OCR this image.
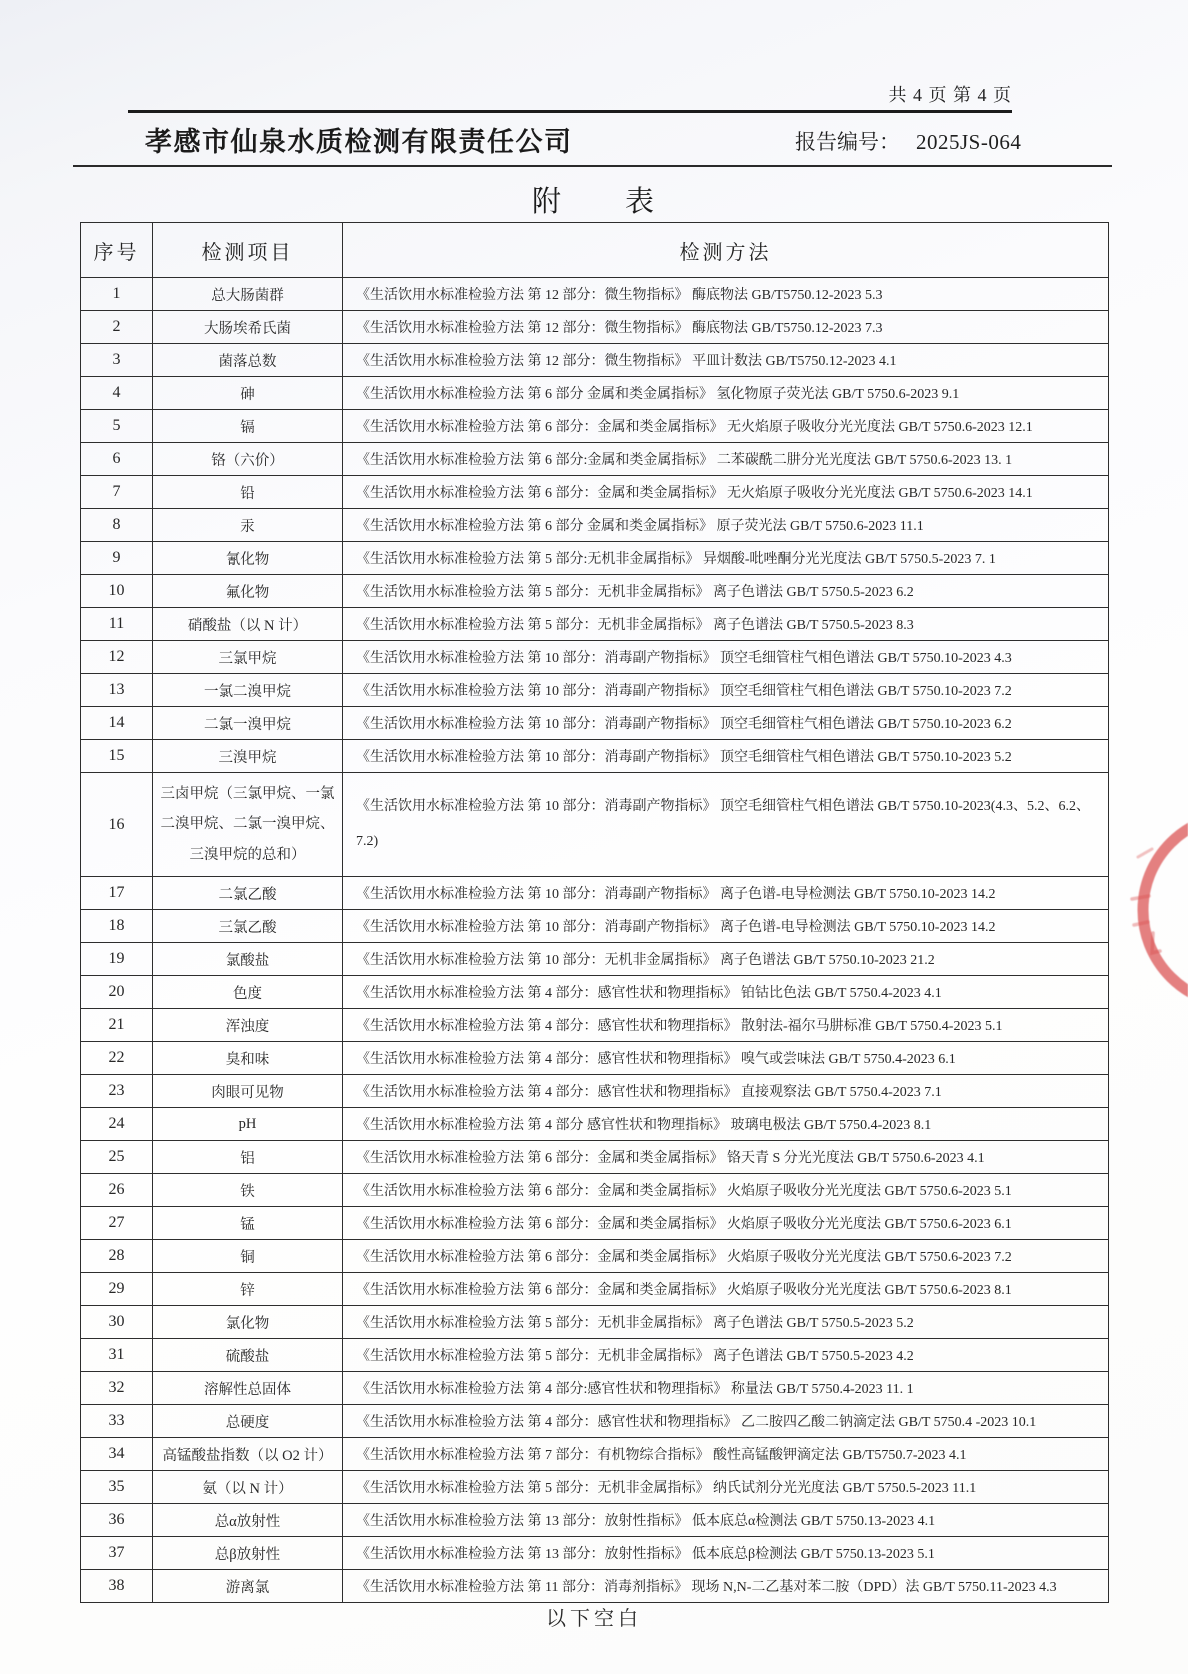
共 4 页 第 4 页
孝感市仙泉水质检测有限责任公司	报告编号： 2025JS-064
附　　表
序号	检测项目	检测方法
1	总大肠菌群	《生活饮用水标准检验方法 第 12 部分：微生物指标》 酶底物法 GB/T5750.12-2023 5.3
2	大肠埃希氏菌	《生活饮用水标准检验方法 第 12 部分：微生物指标》 酶底物法 GB/T5750.12-2023 7.3
3	菌落总数	《生活饮用水标准检验方法 第 12 部分：微生物指标》 平皿计数法 GB/T5750.12-2023 4.1
4	砷	《生活饮用水标准检验方法 第 6 部分 金属和类金属指标》 氢化物原子荧光法 GB/T 5750.6-2023 9.1
5	镉	《生活饮用水标准检验方法 第 6 部分：金属和类金属指标》 无火焰原子吸收分光光度法 GB/T 5750.6-2023 12.1
6	铬（六价）	《生活饮用水标准检验方法 第 6 部分:金属和类金属指标》 二苯碳酰二肼分光光度法 GB/T 5750.6-2023 13. 1
7	铅	《生活饮用水标准检验方法 第 6 部分：金属和类金属指标》 无火焰原子吸收分光光度法 GB/T 5750.6-2023 14.1
8	汞	《生活饮用水标准检验方法 第 6 部分 金属和类金属指标》 原子荧光法 GB/T 5750.6-2023 11.1
9	氰化物	《生活饮用水标准检验方法 第 5 部分:无机非金属指标》 异烟酸-吡唑酮分光光度法 GB/T 5750.5-2023 7. 1
10	氟化物	《生活饮用水标准检验方法 第 5 部分：无机非金属指标》 离子色谱法 GB/T 5750.5-2023 6.2
11	硝酸盐（以 N 计）	《生活饮用水标准检验方法 第 5 部分：无机非金属指标》 离子色谱法 GB/T 5750.5-2023 8.3
12	三氯甲烷	《生活饮用水标准检验方法 第 10 部分：消毒副产物指标》 顶空毛细管柱气相色谱法 GB/T 5750.10-2023 4.3
13	一氯二溴甲烷	《生活饮用水标准检验方法 第 10 部分：消毒副产物指标》 顶空毛细管柱气相色谱法 GB/T 5750.10-2023 7.2
14	二氯一溴甲烷	《生活饮用水标准检验方法 第 10 部分：消毒副产物指标》 顶空毛细管柱气相色谱法 GB/T 5750.10-2023 6.2
15	三溴甲烷	《生活饮用水标准检验方法 第 10 部分：消毒副产物指标》 顶空毛细管柱气相色谱法 GB/T 5750.10-2023 5.2
16	三卤甲烷（三氯甲烷、一氯二溴甲烷、二氯一溴甲烷、三溴甲烷的总和）	《生活饮用水标准检验方法 第 10 部分：消毒副产物指标》 顶空毛细管柱气相色谱法 GB/T 5750.10-2023(4.3、5.2、6.2、7.2)
17	二氯乙酸	《生活饮用水标准检验方法 第 10 部分：消毒副产物指标》 离子色谱-电导检测法 GB/T 5750.10-2023 14.2
18	三氯乙酸	《生活饮用水标准检验方法 第 10 部分：消毒副产物指标》 离子色谱-电导检测法 GB/T 5750.10-2023 14.2
19	氯酸盐	《生活饮用水标准检验方法 第 10 部分：无机非金属指标》 离子色谱法 GB/T 5750.10-2023 21.2
20	色度	《生活饮用水标准检验方法 第 4 部分：感官性状和物理指标》 铂钴比色法 GB/T 5750.4-2023 4.1
21	浑浊度	《生活饮用水标准检验方法 第 4 部分：感官性状和物理指标》 散射法-福尔马肼标准 GB/T 5750.4-2023 5.1
22	臭和味	《生活饮用水标准检验方法 第 4 部分：感官性状和物理指标》 嗅气或尝味法 GB/T 5750.4-2023 6.1
23	肉眼可见物	《生活饮用水标准检验方法 第 4 部分：感官性状和物理指标》 直接观察法 GB/T 5750.4-2023 7.1
24	pH	《生活饮用水标准检验方法 第 4 部分 感官性状和物理指标》 玻璃电极法 GB/T 5750.4-2023 8.1
25	铝	《生活饮用水标准检验方法 第 6 部分：金属和类金属指标》 铬天青 S 分光光度法 GB/T 5750.6-2023 4.1
26	铁	《生活饮用水标准检验方法 第 6 部分：金属和类金属指标》 火焰原子吸收分光光度法 GB/T 5750.6-2023 5.1
27	锰	《生活饮用水标准检验方法 第 6 部分：金属和类金属指标》 火焰原子吸收分光光度法 GB/T 5750.6-2023 6.1
28	铜	《生活饮用水标准检验方法 第 6 部分：金属和类金属指标》 火焰原子吸收分光光度法 GB/T 5750.6-2023 7.2
29	锌	《生活饮用水标准检验方法 第 6 部分：金属和类金属指标》 火焰原子吸收分光光度法 GB/T 5750.6-2023 8.1
30	氯化物	《生活饮用水标准检验方法 第 5 部分：无机非金属指标》 离子色谱法 GB/T 5750.5-2023 5.2
31	硫酸盐	《生活饮用水标准检验方法 第 5 部分：无机非金属指标》 离子色谱法 GB/T 5750.5-2023 4.2
32	溶解性总固体	《生活饮用水标准检验方法 第 4 部分:感官性状和物理指标》 称量法 GB/T 5750.4-2023 11. 1
33	总硬度	《生活饮用水标准检验方法 第 4 部分：感官性状和物理指标》 乙二胺四乙酸二钠滴定法 GB/T 5750.4 -2023 10.1
34	高锰酸盐指数（以 O2 计）	《生活饮用水标准检验方法 第 7 部分：有机物综合指标》 酸性高锰酸钾滴定法 GB/T5750.7-2023 4.1
35	氨（以 N 计）	《生活饮用水标准检验方法 第 5 部分：无机非金属指标》 纳氏试剂分光光度法 GB/T 5750.5-2023 11.1
36	总α放射性	《生活饮用水标准检验方法 第 13 部分：放射性指标》 低本底总α检测法 GB/T 5750.13-2023 4.1
37	总β放射性	《生活饮用水标准检验方法 第 13 部分：放射性指标》 低本底总β检测法 GB/T 5750.13-2023 5.1
38	游离氯	《生活饮用水标准检验方法 第 11 部分：消毒剂指标》 现场 N,N-二乙基对苯二胺（DPD）法 GB/T 5750.11-2023 4.3
以下空白
